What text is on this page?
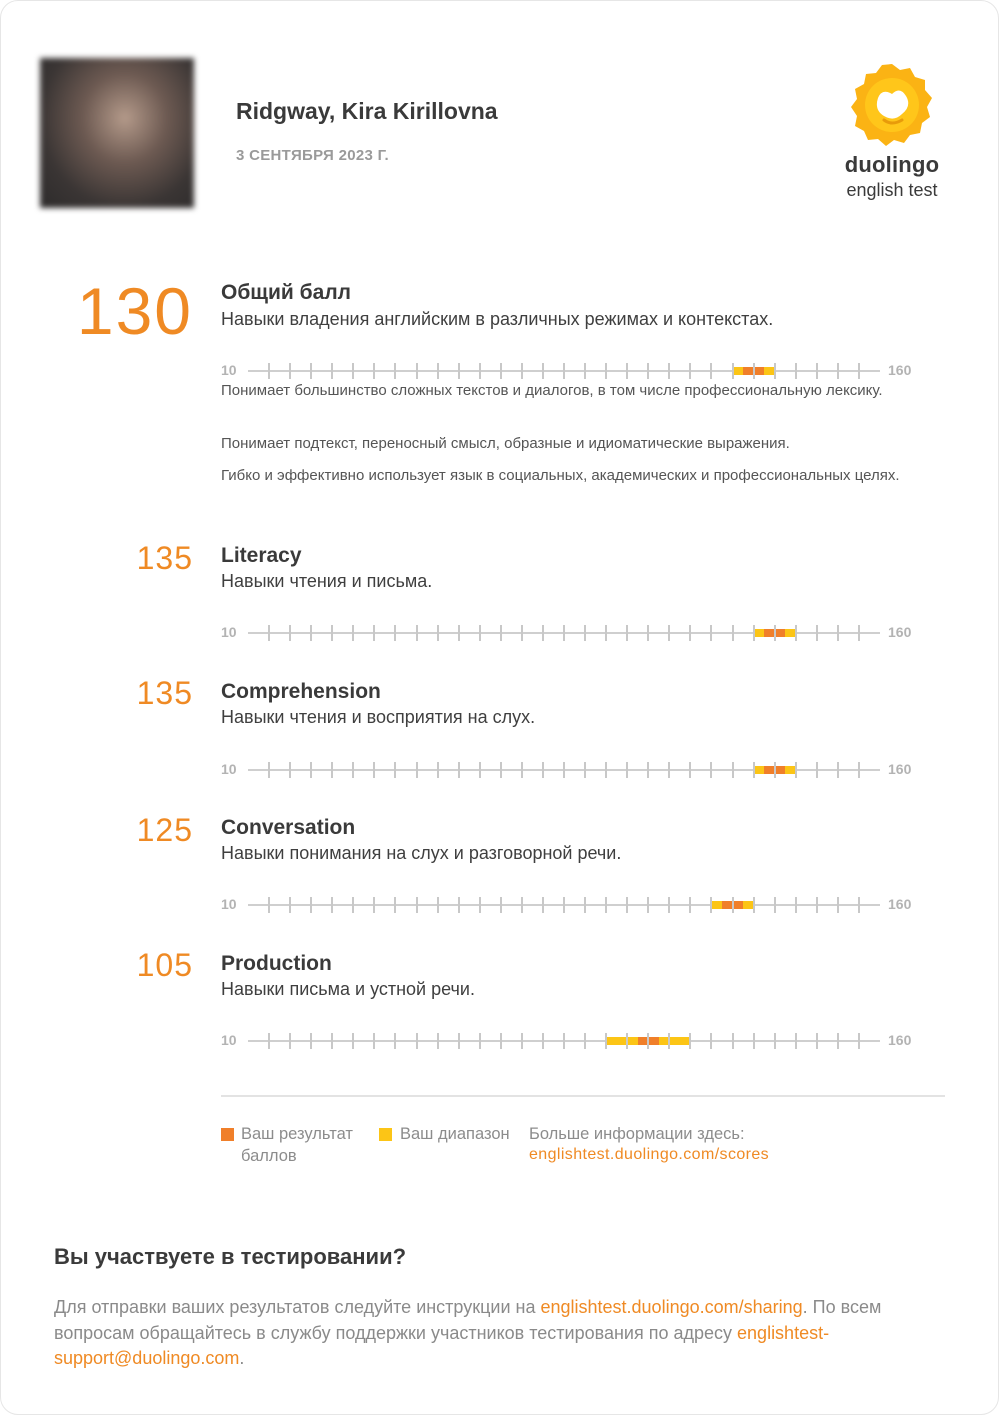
Ridgway, Kira Kirillovna
3 СЕНТЯБРЯ 2023 Г.	duolingo
english test
130 Общий балл
Навыки владения английским в различных режимах и контекстах.
10	160
Понимает большинство сложных текстов и диалогов, в том числе профессиональную лексику.
Понимает подтекст, переносный смысл, образные и идиоматические выражения.
Гибко и эффективно использует язык в социальных, академических и профессиональных целях.
135 Literacy
Навыки чтения и письма.
10	160
135 Comprehension
Навыки чтения и восприятия на слух.
10	160
125 Conversation
Навыки понимания на слух и разговорной речи.
10	160
105 Production
Навыки письма и устной речи.
10	160
Ваш результат баллов
Ваш диапазон Больше информации здесь:
englishtest.duolingo.com/scores
Вы участвуете в тестировании?
Для отправки ваших результатов следуйте инструкции на englishtest.duolingo.com/sharing. По всем вопросам обращайтесь в службу поддержки участников тестирования по адресу englishtest-support@duolingo.com.
